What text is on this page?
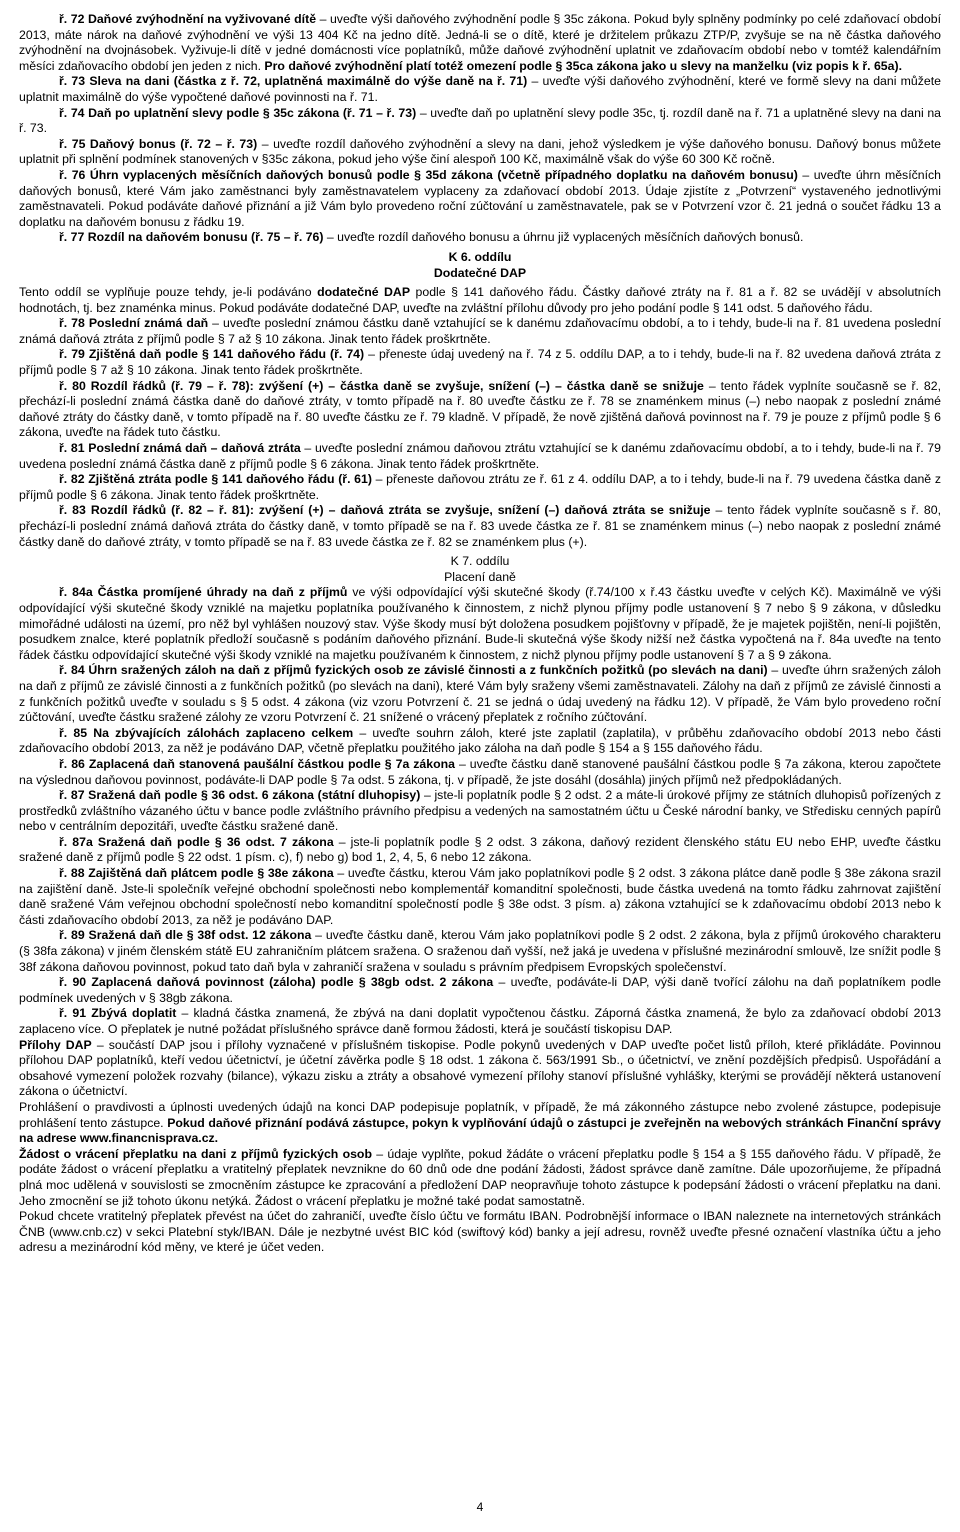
ř. 72 Daňové zvýhodnění na vyživované dítě – uveďte výši daňového zvýhodnění podle § 35c zákona. Pokud byly splněny podmínky po celé zdaňovací období 2013, máte nárok na daňové zvýhodnění ve výši 13 404 Kč na jedno dítě. Jedná-li se o dítě, které je držitelem průkazu ZTP/P, zvyšuje se na ně částka daňového zvýhodnění na dvojnásobek. Vyživuje-li dítě v jedné domácnosti více poplatníků, může daňové zvýhodnění uplatnit ve zdaňovacím období nebo v tomtéž kalendářním měsíci zdaňovacího období jen jeden z nich. Pro daňové zvýhodnění platí totéž omezení podle § 35ca zákona jako u slevy na manželku (viz popis k ř. 65a).

ř. 73 Sleva na dani (částka z ř. 72, uplatněná maximálně do výše daně na ř. 71) – uveďte výši daňového zvýhodnění, které ve formě slevy na dani můžete uplatnit maximálně do výše vypočtené daňové povinnosti na ř. 71.

ř. 74 Daň po uplatnění slevy podle § 35c zákona (ř. 71 – ř. 73) – uveďte daň po uplatnění slevy podle 35c, tj. rozdíl daně na ř. 71 a uplatněné slevy na dani na ř. 73.

ř. 75 Daňový bonus (ř. 72 – ř. 73) – uveďte rozdíl daňového zvýhodnění a slevy na dani, jehož výsledkem je výše daňového bonusu. Daňový bonus můžete uplatnit při splnění podmínek stanovených v §35c zákona, pokud jeho výše činí alespoň 100 Kč, maximálně však do výše 60 300 Kč ročně.

ř. 76 Úhrn vyplacených měsíčních daňových bonusů podle § 35d zákona (včetně případného doplatku na daňovém bonusu) – uveďte úhrn měsíčních daňových bonusů, které Vám jako zaměstnanci byly zaměstnavatelem vyplaceny za zdaňovací období 2013. Údaje zjistíte z „Potvrzení“ vystaveného jednotlivými zaměstnavateli. Pokud podáváte daňové přiznání a již Vám bylo provedeno roční zúčtování u zaměstnavatele, pak se v Potvrzení vzor č. 21 jedná o součet řádku 13 a doplatku na daňovém bonusu z řádku 19.

ř. 77 Rozdíl na daňovém bonusu (ř. 75 – ř. 76) – uveďte rozdíl daňového bonusu a úhrnu již vyplacených měsíčních daňových bonusů.

K 6. oddílu

Dodatečné DAP

Tento oddíl se vyplňuje pouze tehdy, je-li podáváno dodatečné DAP podle § 141 daňového řádu. Částky daňové ztráty na ř. 81 a ř. 82 se uvádějí v absolutních hodnotách, tj. bez znaménka minus. Pokud podáváte dodatečné DAP, uveďte na zvláštní přílohu důvody pro jeho podání podle § 141 odst. 5 daňového řádu.

ř. 78 Poslední známá daň – uveďte poslední známou částku daně vztahující se k danému zdaňovacímu období, a to i tehdy, bude-li na ř. 81 uvedena poslední známá daňová ztráta z příjmů podle § 7 až § 10 zákona. Jinak tento řádek proškrtněte.

ř. 79 Zjištěná daň podle § 141 daňového řádu (ř. 74) – přeneste údaj uvedený na ř. 74 z 5. oddílu DAP, a to i tehdy, bude-li na ř. 82 uvedena daňová ztráta z příjmů podle § 7 až § 10 zákona. Jinak tento řádek proškrtněte.

ř. 80 Rozdíl řádků (ř. 79 – ř. 78): zvýšení (+) – částka daně se zvyšuje, snížení (–) – částka daně se snižuje – tento řádek vyplníte současně se ř. 82, přechází-li poslední známá částka daně do daňové ztráty, v tomto případě na ř. 80 uveďte částku ze ř. 78 se znaménkem minus (–) nebo naopak z poslední známé daňové ztráty do částky daně, v tomto případě na ř. 80 uveďte částku ze ř. 79 kladně. V případě, že nově zjištěná daňová povinnost na ř. 79 je pouze z příjmů podle § 6 zákona, uveďte na řádek tuto částku.

ř. 81 Poslední známá daň – daňová ztráta – uveďte poslední známou daňovou ztrátu vztahující se k danému zdaňovacímu období, a to i tehdy, bude-li na ř. 79 uvedena poslední známá částka daně z příjmů podle § 6 zákona. Jinak tento řádek proškrtněte.

ř. 82 Zjištěná ztráta podle § 141 daňového řádu (ř. 61) – přeneste daňovou ztrátu ze ř. 61 z 4. oddílu DAP, a to i tehdy, bude-li na ř. 79 uvedena částka daně z příjmů podle § 6 zákona. Jinak tento řádek proškrtněte.

ř. 83 Rozdíl řádků (ř. 82 – ř. 81): zvýšení (+) – daňová ztráta se zvyšuje, snížení (–) daňová ztráta se snižuje – tento řádek vyplníte současně s ř. 80, přechází-li poslední známá daňová ztráta do částky daně, v tomto případě se na ř. 83 uvede částka ze ř. 81 se znaménkem minus (–) nebo naopak z poslední známé částky daně do daňové ztráty, v tomto případě se na ř. 83 uvede částka ze ř. 82 se znaménkem plus (+).

K 7. oddílu

Placení daně

ř. 84a Částka promíjené úhrady na daň z příjmů ve výši odpovídající výši skutečné škody (ř.74/100 x ř.43 částku uveďte v celých Kč). Maximálně ve výši odpovídající výši skutečné škody vzniklé na majetku poplatníka používaného k činnostem, z nichž plynou příjmy podle ustanovení § 7 nebo § 9 zákona, v důsledku mimořádné události na území, pro něž byl vyhlášen nouzový stav. Výše škody musí být doložena posudkem pojišťovny v případě, že je majetek pojištěn, není-li pojištěn, posudkem znalce, které poplatník předloží současně s podáním daňového přiznání. Bude-li skutečná výše škody nižší než částka vypočtená na ř. 84a uveďte na tento řádek částku odpovídající skutečné výši škody vzniklé na majetku používaném k činnostem, z nichž plynou příjmy podle ustanovení § 7 a § 9 zákona.

ř. 84 Úhrn sražených záloh na daň z příjmů fyzických osob ze závislé činnosti a z funkčních požitků (po slevách na dani) – uveďte úhrn sražených záloh na daň z příjmů ze závislé činnosti a z funkčních požitků (po slevách na dani), které Vám byly sraženy všemi zaměstnavateli. Zálohy na daň z příjmů ze závislé činnosti a z funkčních požitků uveďte v souladu s § 5 odst. 4 zákona (viz vzoru Potvrzení č. 21 se jedná o údaj uvedený na řádku 12). V případě, že Vám bylo provedeno roční zúčtování, uveďte částku sražené zálohy ze vzoru Potvrzení č. 21 snížené o vrácený přeplatek z ročního zúčtování.

ř. 85 Na zbývajících zálohách zaplaceno celkem – uveďte souhrn záloh, které jste zaplatil (zaplatila), v průběhu zdaňovacího období 2013 nebo části zdaňovacího období 2013, za něž je podáváno DAP, včetně přeplatku použitého jako záloha na daň podle § 154 a § 155 daňového řádu.

ř. 86 Zaplacená daň stanovená paušální částkou podle § 7a zákona – uveďte částku daně stanovené paušální částkou podle § 7a zákona, kterou započtete na výslednou daňovou povinnost, podáváte-li DAP podle § 7a odst. 5 zákona, tj. v případě, že jste dosáhl (dosáhla) jiných příjmů než předpokládaných.

ř. 87 Sražená daň podle § 36 odst. 6 zákona (státní dluhopisy) – jste-li poplatník podle § 2 odst. 2 a máte-li úrokové příjmy ze státních dluhopisů pořízených z prostředků zvláštního vázaného účtu v bance podle zvláštního právního předpisu a vedených na samostatném účtu u České národní banky, ve Středisku cenných papírů nebo v centrálním depozitáři, uveďte částku sražené daně.

ř. 87a Sražená daň podle § 36 odst. 7 zákona – jste-li poplatník podle § 2 odst. 3 zákona, daňový rezident členského státu EU nebo EHP, uveďte částku sražené daně z příjmů podle § 22 odst. 1 písm. c), f) nebo g) bod 1, 2, 4, 5, 6 nebo 12 zákona.

ř. 88 Zajištěná daň plátcem podle § 38e zákona – uveďte částku, kterou Vám jako poplatníkovi podle § 2 odst. 3 zákona plátce daně podle § 38e zákona srazil na zajištění daně. Jste-li společník veřejné obchodní společnosti nebo komplementář komanditní společnosti, bude částka uvedená na tomto řádku zahrnovat zajištění daně sražené Vám veřejnou obchodní společností nebo komanditní společností podle § 38e odst. 3 písm. a) zákona vztahující se k zdaňovacímu období 2013 nebo k části zdaňovacího období 2013, za něž je podáváno DAP.

ř. 89 Sražená daň dle § 38f odst. 12 zákona – uveďte částku daně, kterou Vám jako poplatníkovi podle § 2 odst. 2 zákona, byla z příjmů úrokového charakteru (§ 38fa zákona) v jiném členském státě EU zahraničním plátcem sražena. O sraženou daň vyšší, než jaká je uvedena v příslušné mezinárodní smlouvě, lze snížit podle § 38f zákona daňovou povinnost, pokud tato daň byla v zahraničí sražena v souladu s právním předpisem Evropských společenství.

ř. 90 Zaplacená daňová povinnost (záloha) podle § 38gb odst. 2 zákona – uveďte, podáváte-li DAP, výši daně tvořící zálohu na daň poplatníkem podle podmínek uvedených v § 38gb zákona.

ř. 91 Zbývá doplatit – kladná částka znamená, že zbývá na dani doplatit vypočtenou částku. Záporná částka znamená, že bylo za zdaňovací období 2013 zaplaceno více. O přeplatek je nutné požádat příslušného správce daně formou žádosti, která je součástí tiskopisu DAP.

Přílohy DAP – součástí DAP jsou i přílohy vyznačené v příslušném tiskopise. Podle pokynů uvedených v DAP uveďte počet listů příloh, které přikládáte. Povinnou přílohou DAP poplatníků, kteří vedou účetnictví, je účetní závěrka podle § 18 odst. 1 zákona č. 563/1991 Sb., o účetnictví, ve znění pozdějších předpisů. Uspořádání a obsahové vymezení položek rozvahy (bilance), výkazu zisku a ztráty a obsahové vymezení přílohy stanoví příslušné vyhlášky, kterými se provádějí některá ustanovení zákona o účetnictví.

Prohlášení o pravdivosti a úplnosti uvedených údajů na konci DAP podepisuje poplatník, v případě, že má zákonného zástupce nebo zvolené zástupce, podepisuje prohlášení tento zástupce. Pokud daňové přiznání podává zástupce, pokyn k vyplňování údajů o zástupci je zveřejněn na webových stránkách Finanční správy na adrese www.financnisprava.cz.

Žádost o vrácení přeplatku na dani z příjmů fyzických osob – údaje vyplňte, pokud žádáte o vrácení přeplatku podle § 154 a § 155 daňového řádu. V případě, že podáte žádost o vrácení přeplatku a vratitelný přeplatek nevznikne do 60 dnů ode dne podání žádosti, žádost správce daně zamítne. Dále upozorňujeme, že případná plná moc udělená v souvislosti se zmocněním zástupce ke zpracování a předložení DAP neopravňuje tohoto zástupce k podepsání žádosti o vrácení přeplatku na dani. Jeho zmocnění se již tohoto úkonu netýká. Žádost o vrácení přeplatku je možné také podat samostatně.

Pokud chcete vratitelný přeplatek převést na účet do zahraničí, uveďte číslo účtu ve formátu IBAN. Podrobnější informace o IBAN naleznete na internetových stránkách ČNB (www.cnb.cz) v sekci Platební styk/IBAN. Dále je nezbytné uvést BIC kód (swiftový kód) banky a její adresu, rovněž uveďte přesné označení vlastníka účtu a jeho adresu a mezinárodní kód měny, ve které je účet veden.

4
